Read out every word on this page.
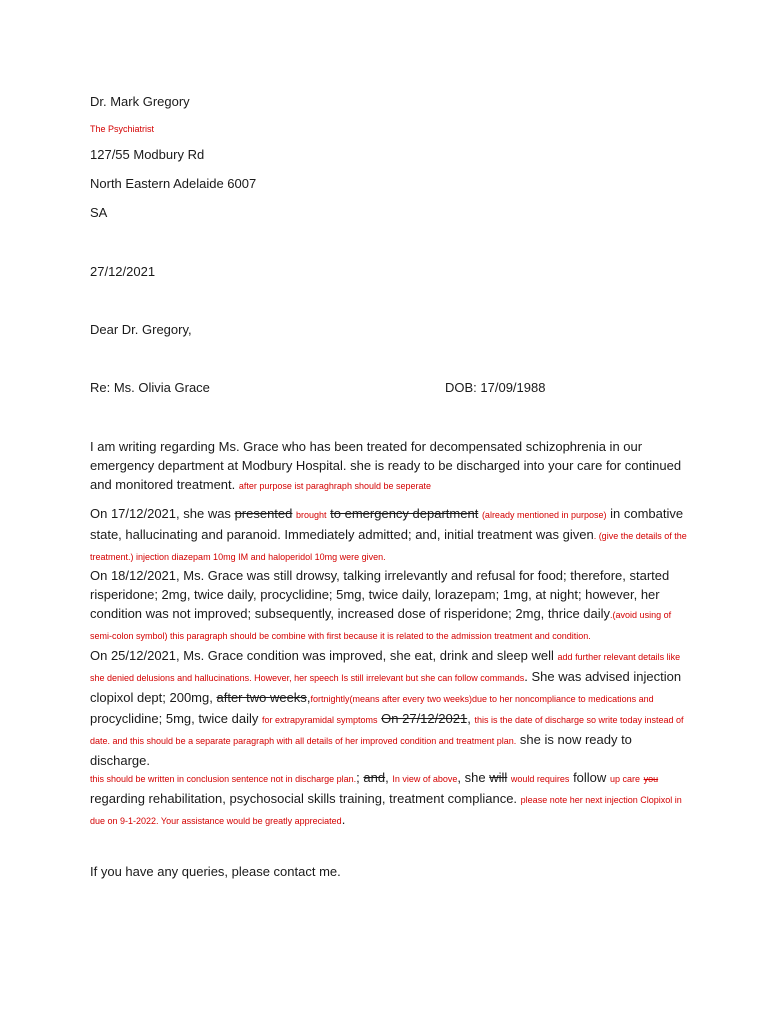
Dr. Mark Gregory
The Psychiatrist
127/55 Modbury Rd
North Eastern Adelaide 6007
SA
27/12/2021
Dear Dr. Gregory,
Re: Ms. Olivia Grace	DOB: 17/09/1988
I am writing regarding Ms. Grace who has been treated for decompensated schizophrenia in our emergency department at Modbury Hospital. she is ready to be discharged into your care for continued and monitored treatment. after purpose ist paraghraph should be seperate
On 17/12/2021, she was presented brought to emergency department (already mentioned in purpose) in combative state, hallucinating and paranoid. Immediately admitted; and, initial treatment was given. (give the details of the treatment.) injection diazepam 10mg IM and haloperidol 10mg were given.
On 18/12/2021, Ms. Grace was still drowsy, talking irrelevantly and refusal for food; therefore, started risperidone; 2mg, twice daily, procyclidine; 5mg, twice daily, lorazepam; 1mg, at night; however, her condition was not improved; subsequently, increased dose of risperidone; 2mg, thrice daily.(avoid using of semi-colon symbol) this paragraph should be combine with first because it is related to the admission treatment and condition.
On 25/12/2021, Ms. Grace condition was improved, she eat, drink and sleep well add further relevant details like she denied delusions and hallucinations. However, her speech Is still irrelevant but she can follow commands. She was advised injection clopixol dept; 200mg, after two weeks,fortnightly(means after every two weeks)due to her noncompliance to medications and procyclidine; 5mg, twice daily for extrapyramidal symptoms On 27/12/2021, this is the date of discharge so write today instead of date. and this should be a separate paragraph with all details of her improved condition and treatment plan. she is now ready to discharge.
this should be written in conclusion sentence not in discharge plan.; and, In view of above, she will would requires follow up care you regarding rehabilitation, psychosocial skills training, treatment compliance. please note her next injection Clopixol in due on 9-1-2022. Your assistance would be greatly appreciated.
If you have any queries, please contact me.
